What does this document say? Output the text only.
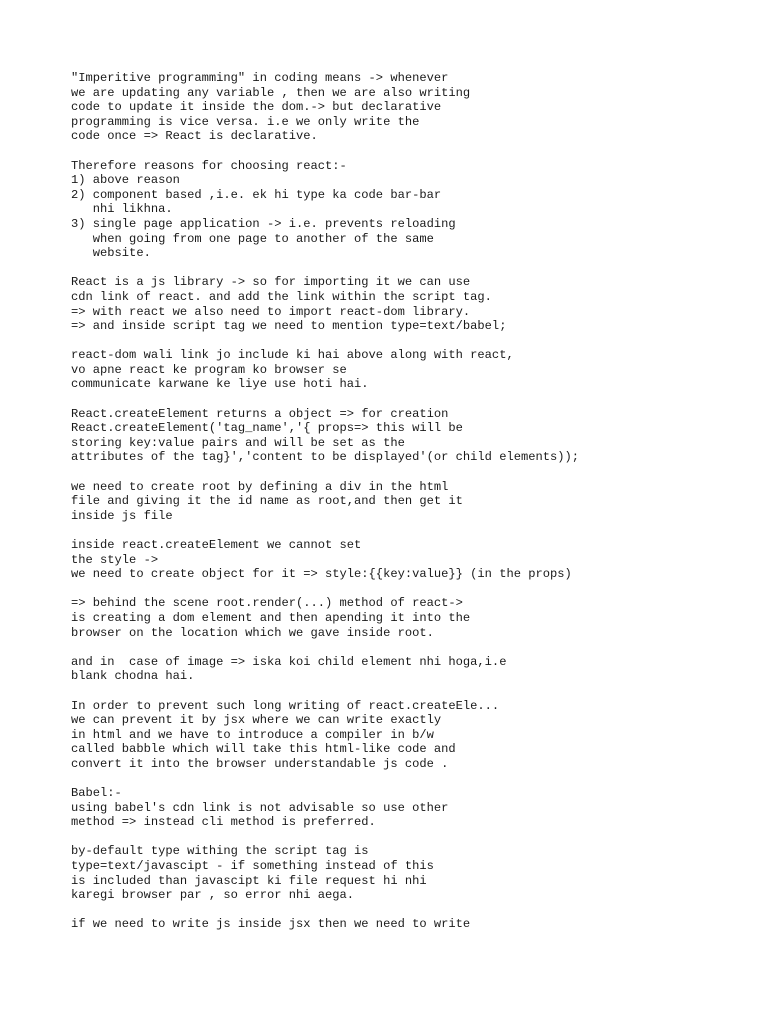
"Imperitive programming" in coding means -> whenever
we are updating any variable , then we are also writing
code to update it inside the dom.-> but declarative
programming is vice versa. i.e we only write the
code once => React is declarative.
Therefore reasons for choosing react:-
1) above reason
2) component based ,i.e. ek hi type ka code bar-bar
nhi likhna.
3) single page application -> i.e. prevents reloading
when going from one page to another of the same
website.
React is a js library -> so for importing it we can use
cdn link of react. and add the link within the script tag.
=> with react we also need to import react-dom library.
=> and inside script tag we need to mention type=text/babel;
react-dom wali link jo include ki hai above along with react,
vo apne react ke program ko browser se
communicate karwane ke liye use hoti hai.
React.createElement returns a object => for creation
React.createElement('tag_name','{ props=> this will be
storing key:value pairs and will be set as the
attributes of the tag}','content to be displayed'(or child elements));
we need to create root by defining a div in the html
file and giving it the id name as root,and then get it
inside js file
inside react.createElement we cannot set
the style ->
we need to create object for it => style:{{key:value}} (in the props)
=> behind the scene root.render(...) method of react->
is creating a dom element and then apending it into the
browser on the location which we gave inside root.
and in  case of image => iska koi child element nhi hoga,i.e
blank chodna hai.
In order to prevent such long writing of react.createEle...
we can prevent it by jsx where we can write exactly
in html and we have to introduce a compiler in b/w
called babble which will take this html-like code and
convert it into the browser understandable js code .
Babel:-
using babel's cdn link is not advisable so use other
method => instead cli method is preferred.
by-default type withing the script tag is
type=text/javascipt - if something instead of this
is included than javascipt ki file request hi nhi
karegi browser par , so error nhi aega.
if we need to write js inside jsx then we need to write
